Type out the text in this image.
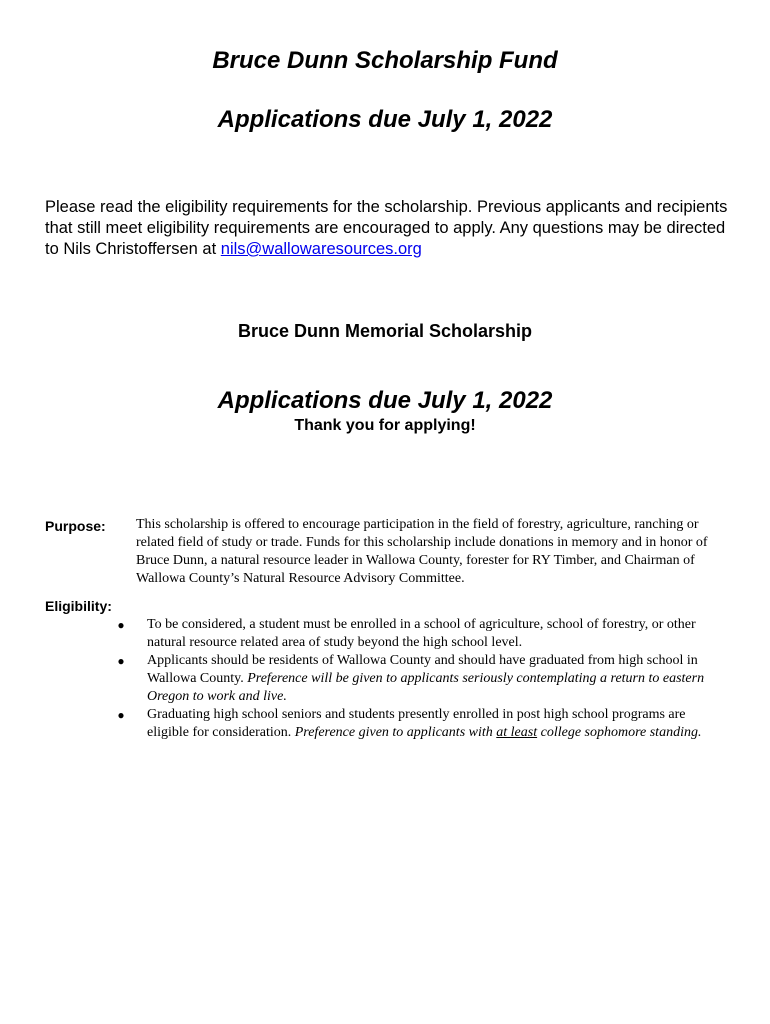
Bruce Dunn Scholarship Fund
Applications due July 1, 2022
Please read the eligibility requirements for the scholarship. Previous applicants and recipients that still meet eligibility requirements are encouraged to apply. Any questions may be directed to Nils Christoffersen at nils@wallowaresources.org
Bruce Dunn Memorial Scholarship
Applications due July 1, 2022
Thank you for applying!
Purpose: This scholarship is offered to encourage participation in the field of forestry, agriculture, ranching or related field of study or trade. Funds for this scholarship include donations in memory and in honor of Bruce Dunn, a natural resource leader in Wallowa County, forester for RY Timber, and Chairman of Wallowa County’s Natural Resource Advisory Committee.
Eligibility:
● To be considered, a student must be enrolled in a school of agriculture, school of forestry, or other natural resource related area of study beyond the high school level.
● Applicants should be residents of Wallowa County and should have graduated from high school in Wallowa County. Preference will be given to applicants seriously contemplating a return to eastern Oregon to work and live.
● Graduating high school seniors and students presently enrolled in post high school programs are eligible for consideration. Preference given to applicants with at least college sophomore standing.
